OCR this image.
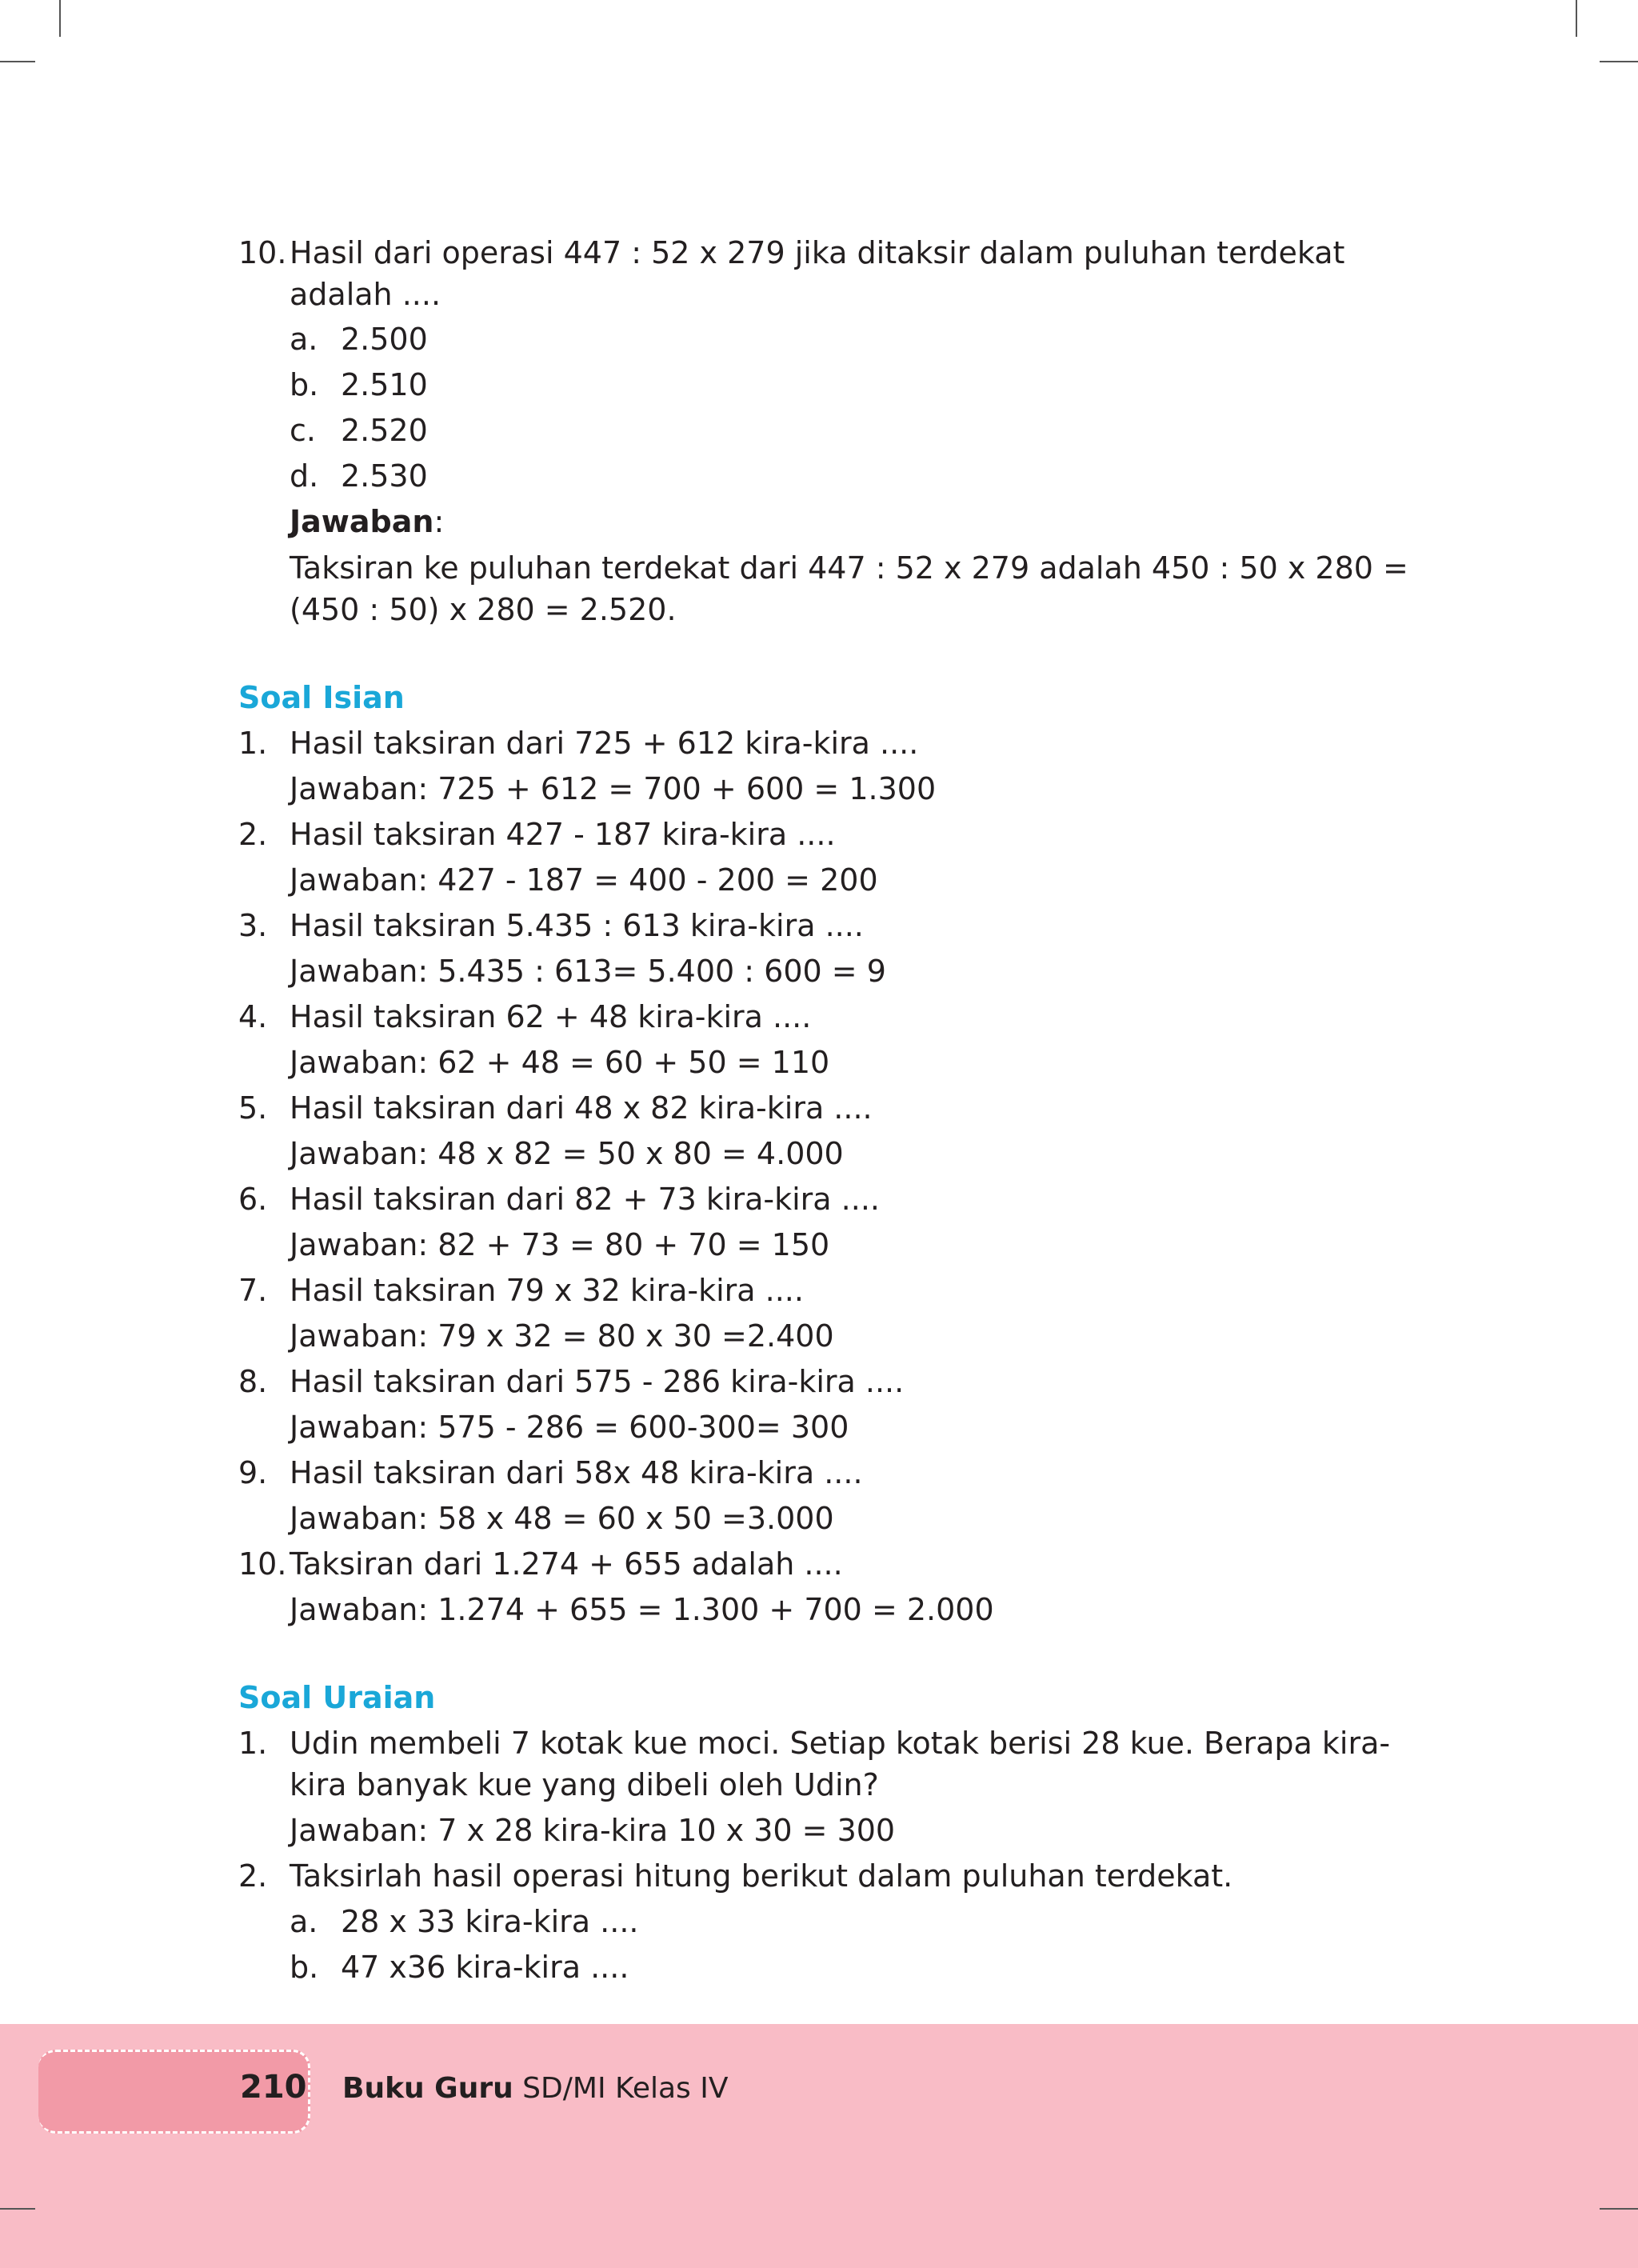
10. Hasil dari operasi 447 : 52 x 279 jika ditaksir dalam puluhan terdekat
adalah ....
a. 2.500
b. 2.510
c. 2.520
d. 2.530
Jawaban:
Taksiran ke puluhan terdekat dari 447 : 52 x 279 adalah 450 : 50 x 280 =
(450 : 50) x 280 = 2.520.
Soal Isian
1. Hasil taksiran dari 725 + 612 kira-kira ....
Jawaban: 725 + 612 = 700 + 600 = 1.300
2. Hasil taksiran 427 - 187 kira-kira ....
Jawaban: 427 - 187 = 400 - 200 = 200
3. Hasil taksiran 5.435 : 613 kira-kira ....
Jawaban: 5.435 : 613= 5.400 : 600 = 9
4. Hasil taksiran 62 + 48 kira-kira ....
Jawaban: 62 + 48 = 60 + 50 = 110
5. Hasil taksiran dari 48 x 82 kira-kira ....
Jawaban: 48 x 82 = 50 x 80 = 4.000
6. Hasil taksiran dari 82 + 73 kira-kira ....
Jawaban: 82 + 73 = 80 + 70 = 150
7. Hasil taksiran 79 x 32 kira-kira ....
Jawaban: 79 x 32 = 80 x 30 =2.400
8. Hasil taksiran dari 575 - 286 kira-kira ....
Jawaban: 575 - 286 = 600-300= 300
9. Hasil taksiran dari 58x 48 kira-kira ....
Jawaban: 58 x 48 = 60 x 50 =3.000
10. Taksiran dari 1.274 + 655 adalah ....
Jawaban: 1.274 + 655 = 1.300 + 700 = 2.000
Soal Uraian
1. Udin membeli 7 kotak kue moci. Setiap kotak berisi 28 kue. Berapa kira-
kira banyak kue yang dibeli oleh Udin?
Jawaban: 7 x 28 kira-kira 10 x 30 = 300
2. Taksirlah hasil operasi hitung berikut dalam puluhan terdekat.
a. 28 x 33 kira-kira ....
b. 47 x36 kira-kira ....
210 Buku Guru SD/MI Kelas IV
